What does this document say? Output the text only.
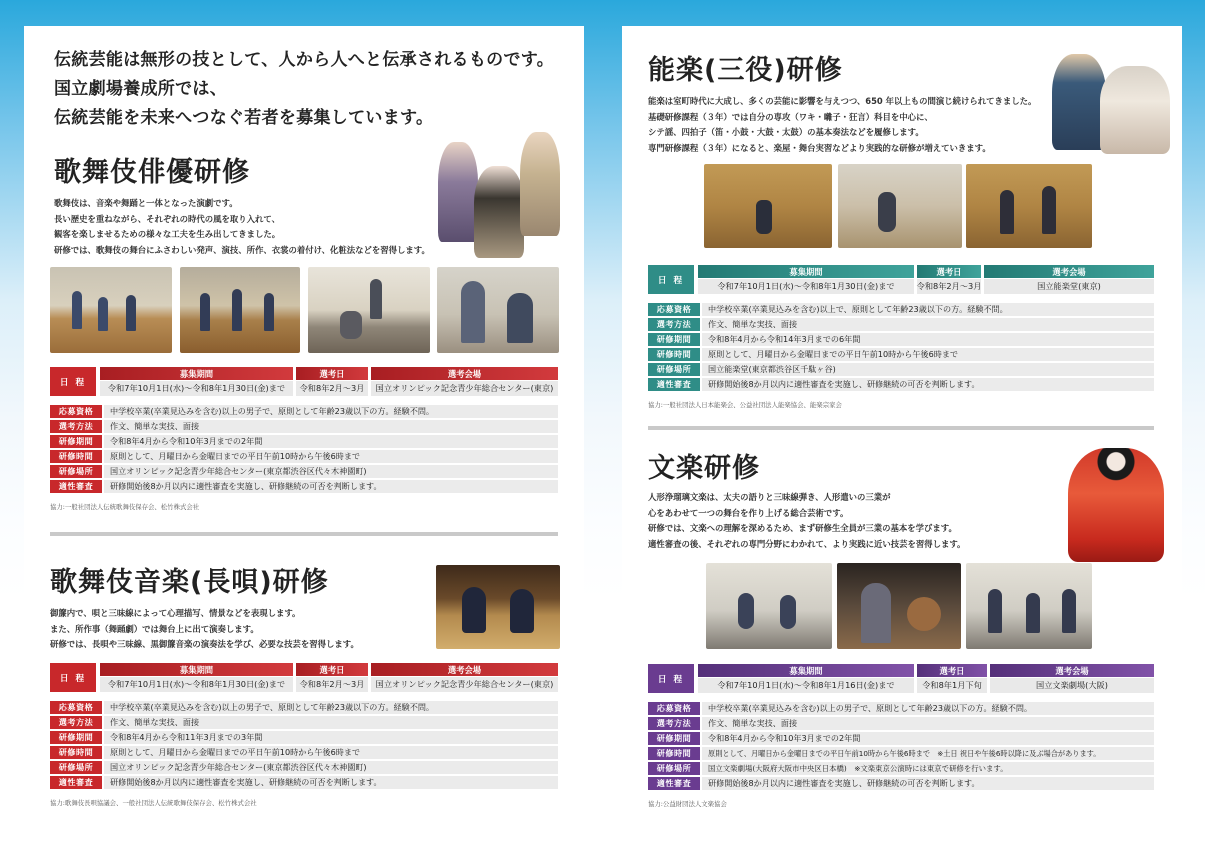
伝統芸能は無形の技として、人から人へと伝承されるものです。
国立劇場養成所では、
伝統芸能を未来へつなぐ若者を募集しています。
歌舞伎俳優研修
歌舞伎は、音楽や舞踊と一体となった演劇です。
長い歴史を重ねながら、それぞれの時代の風を取り入れて、
観客を楽しませるための様々な工夫を生み出してきました。
研修では、歌舞伎の舞台にふさわしい発声、演技、所作、衣裳の着付け、化粧法などを習得します。
日 程
募集期間	選考日	選考会場
令和7年10月1日(水)～令和8年1月30日(金)まで	令和8年2月～3月	国立オリンピック記念青少年総合センター(東京)
応募資格	中学校卒業(卒業見込みを含む)以上の男子で、原則として年齢23歳以下の方。経験不問。
選考方法	作文、簡単な実技、面接
研修期間	令和8年4月から令和10年3月までの2年間
研修時間	原則として、月曜日から金曜日までの平日午前10時から午後6時まで
研修場所	国立オリンピック記念青少年総合センター(東京都渋谷区代々木神園町)
適性審査	研修開始後8か月以内に適性審査を実施し、研修継続の可否を判断します。
協力:一般社団法人伝統歌舞伎保存会、松竹株式会社
歌舞伎音楽(長唄)研修
御簾内で、唄と三味線によって心理描写、情景などを表現します。
また、所作事（舞踊劇）では舞台上に出て演奏します。
研修では、長唄や三味線、黒御簾音楽の演奏法を学び、必要な技芸を習得します。
日 程
募集期間	選考日	選考会場
令和7年10月1日(水)～令和8年1月30日(金)まで	令和8年2月～3月	国立オリンピック記念青少年総合センター(東京)
応募資格	中学校卒業(卒業見込みを含む)以上の男子で、原則として年齢23歳以下の方。経験不問。
選考方法	作文、簡単な実技、面接
研修期間	令和8年4月から令和11年3月までの3年間
研修時間	原則として、月曜日から金曜日までの平日午前10時から午後6時まで
研修場所	国立オリンピック記念青少年総合センター(東京都渋谷区代々木神園町)
適性審査	研修開始後8か月以内に適性審査を実施し、研修継続の可否を判断します。
協力:歌舞伎長唄協議会、一般社団法人伝統歌舞伎保存会、松竹株式会社
能楽(三役)研修
能楽は室町時代に大成し、多くの芸能に影響を与えつつ、650 年以上もの間演じ続けられてきました。
基礎研修課程（３年）では自分の専攻（ワキ・囃子・狂言）科目を中心に、
シテ謡、四拍子（笛・小鼓・大鼓・太鼓）の基本奏法などを履修します。
専門研修課程（３年）になると、楽屋・舞台実習などより実践的な研修が増えていきます。
日 程
募集期間	選考日	選考会場
令和7年10月1日(水)～令和8年1月30日(金)まで	令和8年2月～3月	国立能楽堂(東京)
応募資格	中学校卒業(卒業見込みを含む)以上で、原則として年齢23歳以下の方。経験不問。
選考方法	作文、簡単な実技、面接
研修期間	令和8年4月から令和14年3月までの6年間
研修時間	原則として、月曜日から金曜日までの平日午前10時から午後6時まで
研修場所	国立能楽堂(東京都渋谷区千駄ヶ谷)
適性審査	研修開始後8か月以内に適性審査を実施し、研修継続の可否を判断します。
協力:一般社団法人日本能楽会、公益社団法人能楽協会、能楽宗家会
文楽研修
人形浄瑠璃文楽は、太夫の語りと三味線弾き、人形遣いの三業が
心をあわせて一つの舞台を作り上げる総合芸術です。
研修では、文楽への理解を深めるため、まず研修生全員が三業の基本を学びます。
適性審査の後、それぞれの専門分野にわかれて、より実践に近い技芸を習得します。
日 程
募集期間	選考日	選考会場
令和7年10月1日(水)～令和8年1月16日(金)まで	令和8年1月下旬	国立文楽劇場(大阪)
応募資格	中学校卒業(卒業見込みを含む)以上の男子で、原則として年齢23歳以下の方。経験不問。
選考方法	作文、簡単な実技、面接
研修期間	令和8年4月から令和10年3月までの2年間
研修時間	原則として、月曜日から金曜日までの平日午前10時から午後6時まで　※土日 祝日や午後6時以降に及ぶ場合があります。
研修場所	国立文楽劇場(大阪府大阪市中央区日本橋)　※文楽東京公演時には東京で研修を行います。
適性審査	研修開始後8か月以内に適性審査を実施し、研修継続の可否を判断します。
協力:公益財団法人文楽協会
